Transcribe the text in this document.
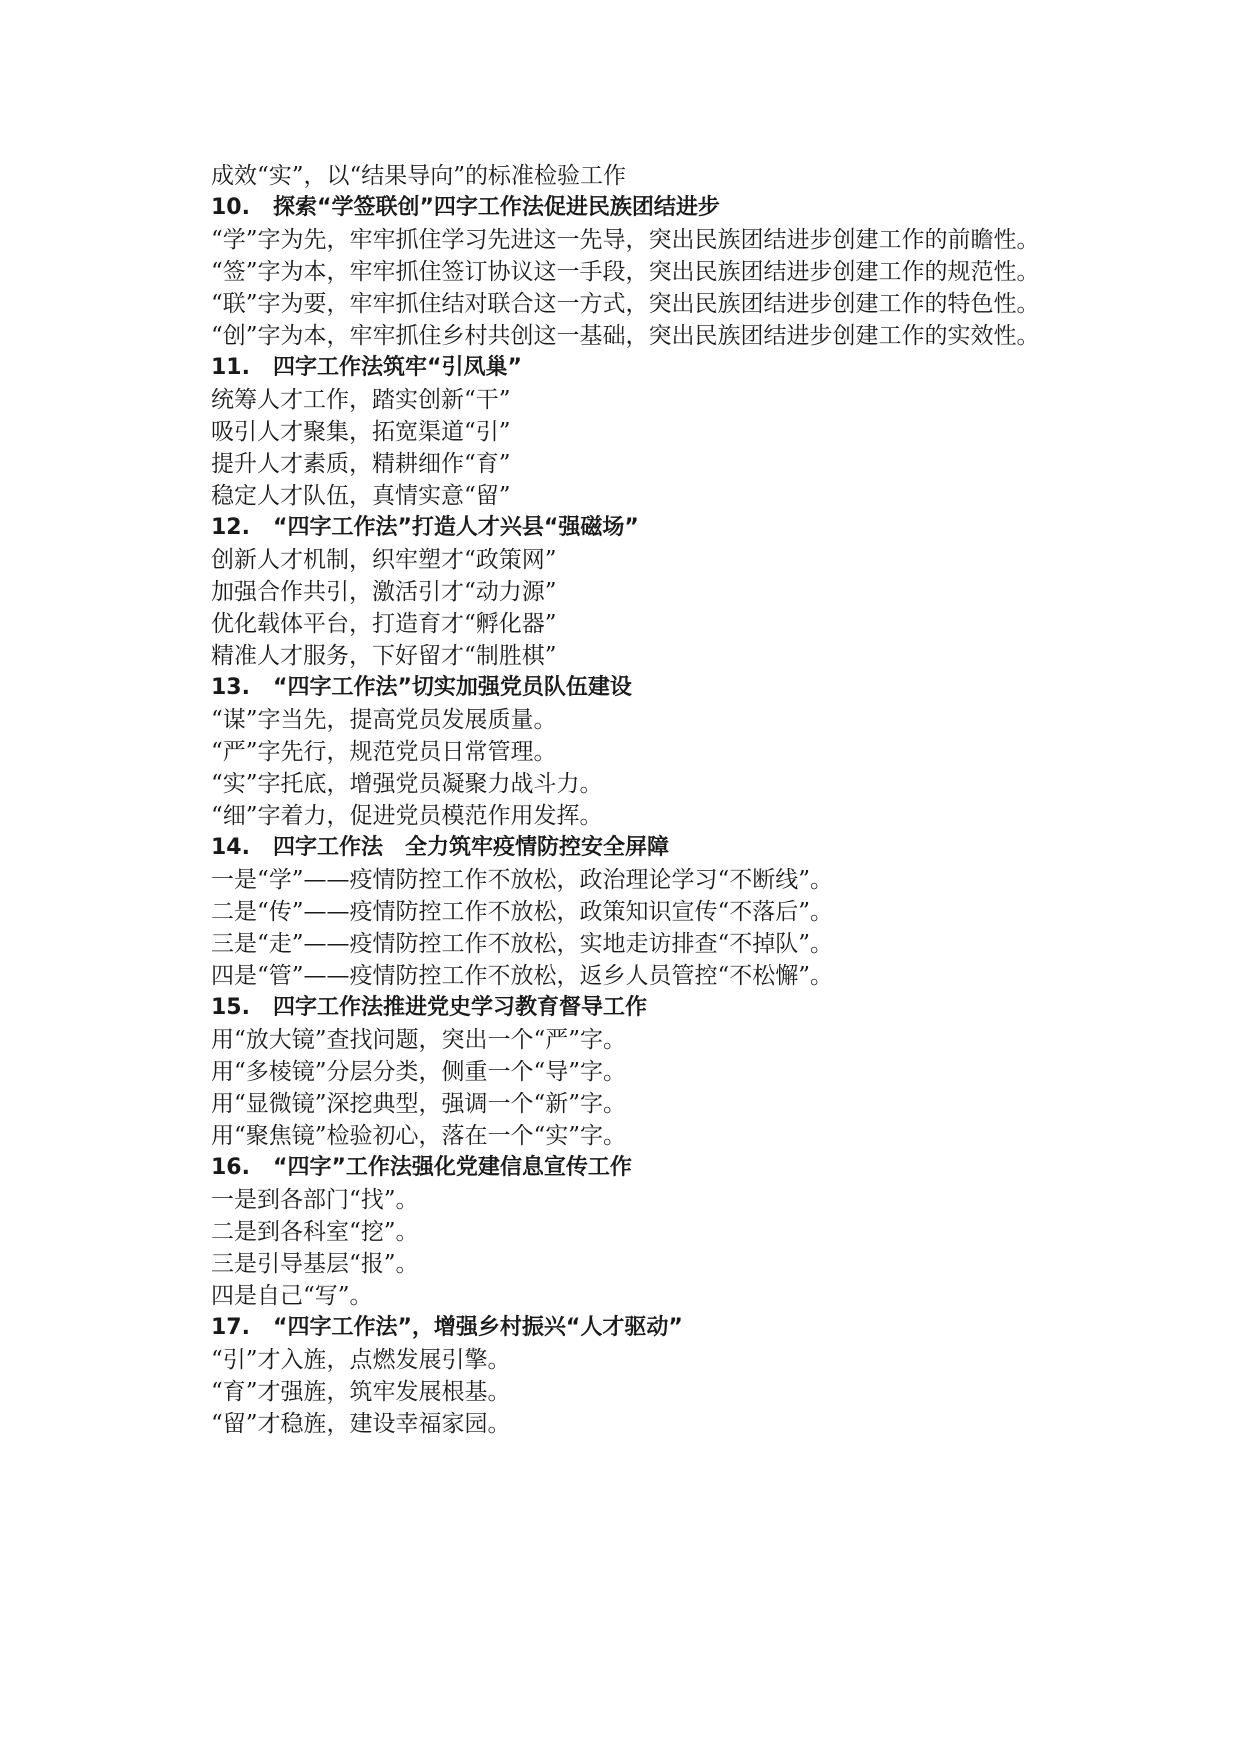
成效“实”，以“结果导向”的标准检验工作

10. 探索“学签联创”四字工作法促进民族团结进步

“学”字为先，牢牢抓住学习先进这一先导，突出民族团结进步创建工作的前瞻性。

“签”字为本，牢牢抓住签订协议这一手段，突出民族团结进步创建工作的规范性。

“联”字为要，牢牢抓住结对联合这一方式，突出民族团结进步创建工作的特色性。

“创”字为本，牢牢抓住乡村共创这一基础，突出民族团结进步创建工作的实效性。

11. 四字工作法筑牢“引凤巢”

统筹人才工作，踏实创新“干”

吸引人才聚集，拓宽渠道“引”

提升人才素质，精耕细作“育”

稳定人才队伍，真情实意“留”

12. “四字工作法”打造人才兴县“强磁场”

创新人才机制，织牢塑才“政策网”

加强合作共引，激活引才“动力源”

优化载体平台，打造育才“孵化器”

精准人才服务，下好留才“制胜棋”

13. “四字工作法”切实加强党员队伍建设

“谋”字当先，提高党员发展质量。

“严”字先行，规范党员日常管理。

“实”字托底，增强党员凝聚力战斗力。

“细”字着力，促进党员模范作用发挥。

14. 四字工作法　全力筑牢疫情防控安全屏障

一是“学”——疫情防控工作不放松，政治理论学习“不断线”。

二是“传”——疫情防控工作不放松，政策知识宣传“不落后”。

三是“走”——疫情防控工作不放松，实地走访排查“不掉队”。

四是“管”——疫情防控工作不放松，返乡人员管控“不松懈”。

15. 四字工作法推进党史学习教育督导工作

用“放大镜”查找问题，突出一个“严”字。

用“多棱镜”分层分类，侧重一个“导”字。

用“显微镜”深挖典型，强调一个“新”字。

用“聚焦镜”检验初心，落在一个“实”字。

16. “四字”工作法强化党建信息宣传工作

一是到各部门“找”。

二是到各科室“挖”。

三是引导基层“报”。

四是自己“写”。

17. “四字工作法”，增强乡村振兴“人才驱动”

“引”才入旌，点燃发展引擎。

“育”才强旌，筑牢发展根基。

“留”才稳旌，建设幸福家园。
